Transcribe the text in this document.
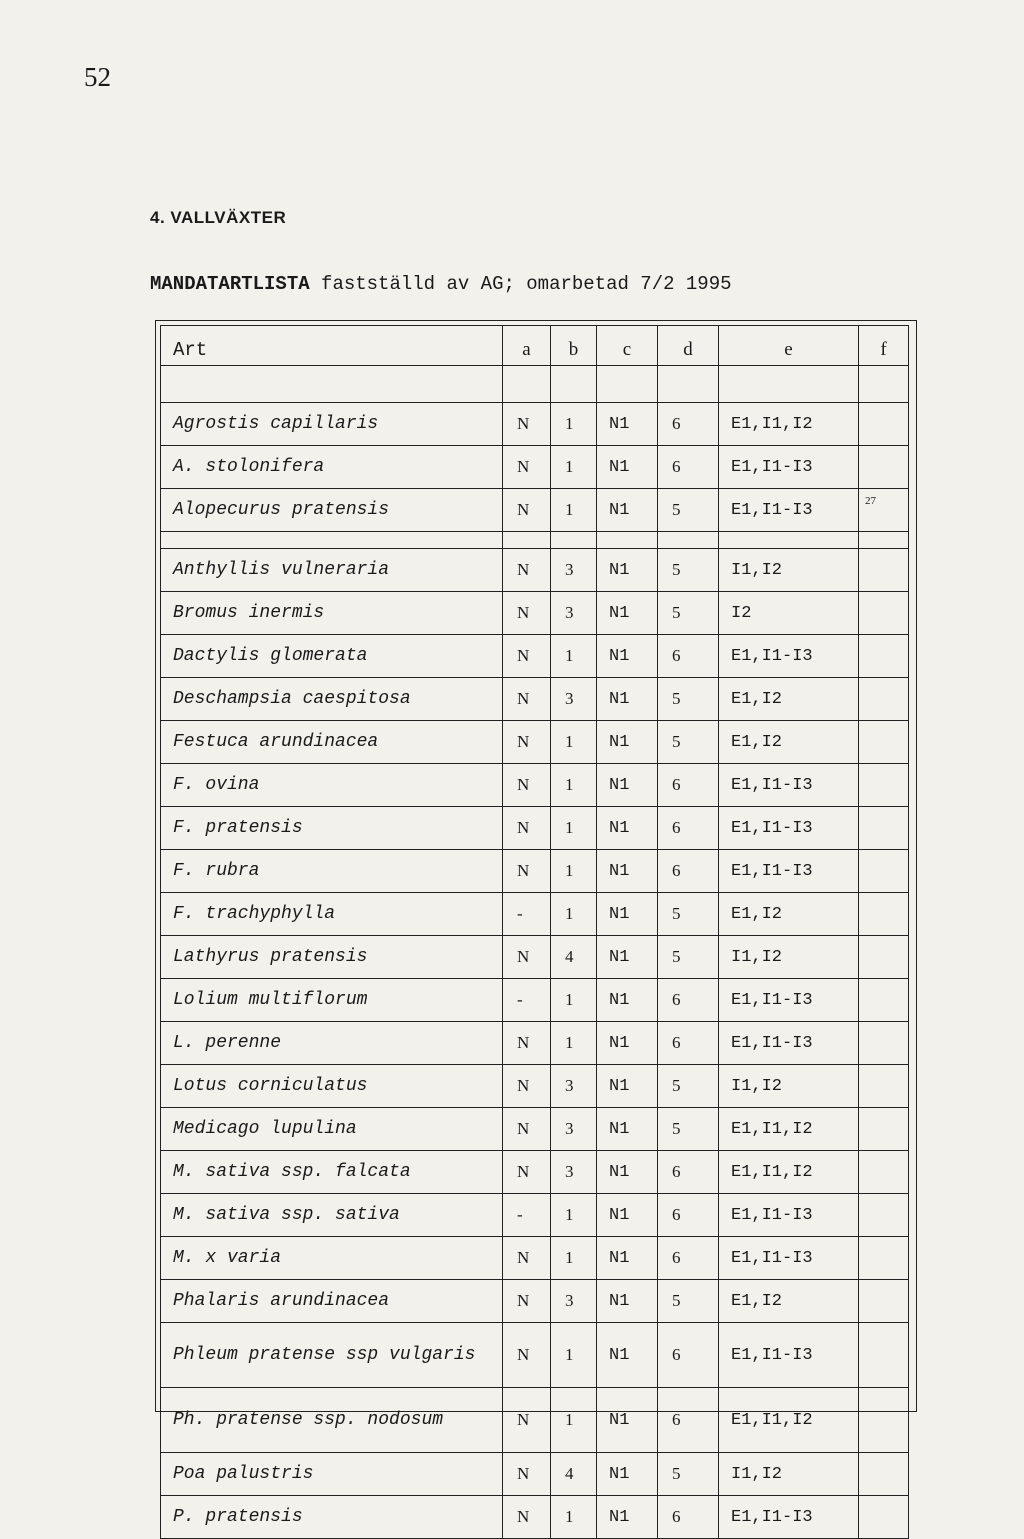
52
4. VALLVÄXTER
MANDATARTLISTA fastställd av AG; omarbetad 7/2 1995
Art	a	b	c	d	e	f

Agrostis capillaris	N	1	N1	6	E1,I1,I2	
A. stolonifera	N	1	N1	6	E1,I1-I3	
Alopecurus pratensis	N	1	N1	5	E1,I1-I3	27

Anthyllis vulneraria	N	3	N1	5	I1,I2	
Bromus inermis	N	3	N1	5	I2	
Dactylis glomerata	N	1	N1	6	E1,I1-I3	
Deschampsia caespitosa	N	3	N1	5	E1,I2	
Festuca arundinacea	N	1	N1	5	E1,I2	
F. ovina	N	1	N1	6	E1,I1-I3	
F. pratensis	N	1	N1	6	E1,I1-I3	
F. rubra	N	1	N1	6	E1,I1-I3	
F. trachyphylla	-	1	N1	5	E1,I2	
Lathyrus pratensis	N	4	N1	5	I1,I2	
Lolium multiflorum	-	1	N1	6	E1,I1-I3	
L. perenne	N	1	N1	6	E1,I1-I3	
Lotus corniculatus	N	3	N1	5	I1,I2	
Medicago lupulina	N	3	N1	5	E1,I1,I2	
M. sativa ssp. falcata	N	3	N1	6	E1,I1,I2	
M. sativa ssp. sativa	-	1	N1	6	E1,I1-I3	
M. x varia	N	1	N1	6	E1,I1-I3	
Phalaris arundinacea	N	3	N1	5	E1,I2	
Phleum pratense ssp vulgaris	N	1	N1	6	E1,I1-I3	
Ph. pratense ssp. nodosum	N	1	N1	6	E1,I1,I2	
Poa palustris	N	4	N1	5	I1,I2	
P. pratensis	N	1	N1	6	E1,I1-I3	
